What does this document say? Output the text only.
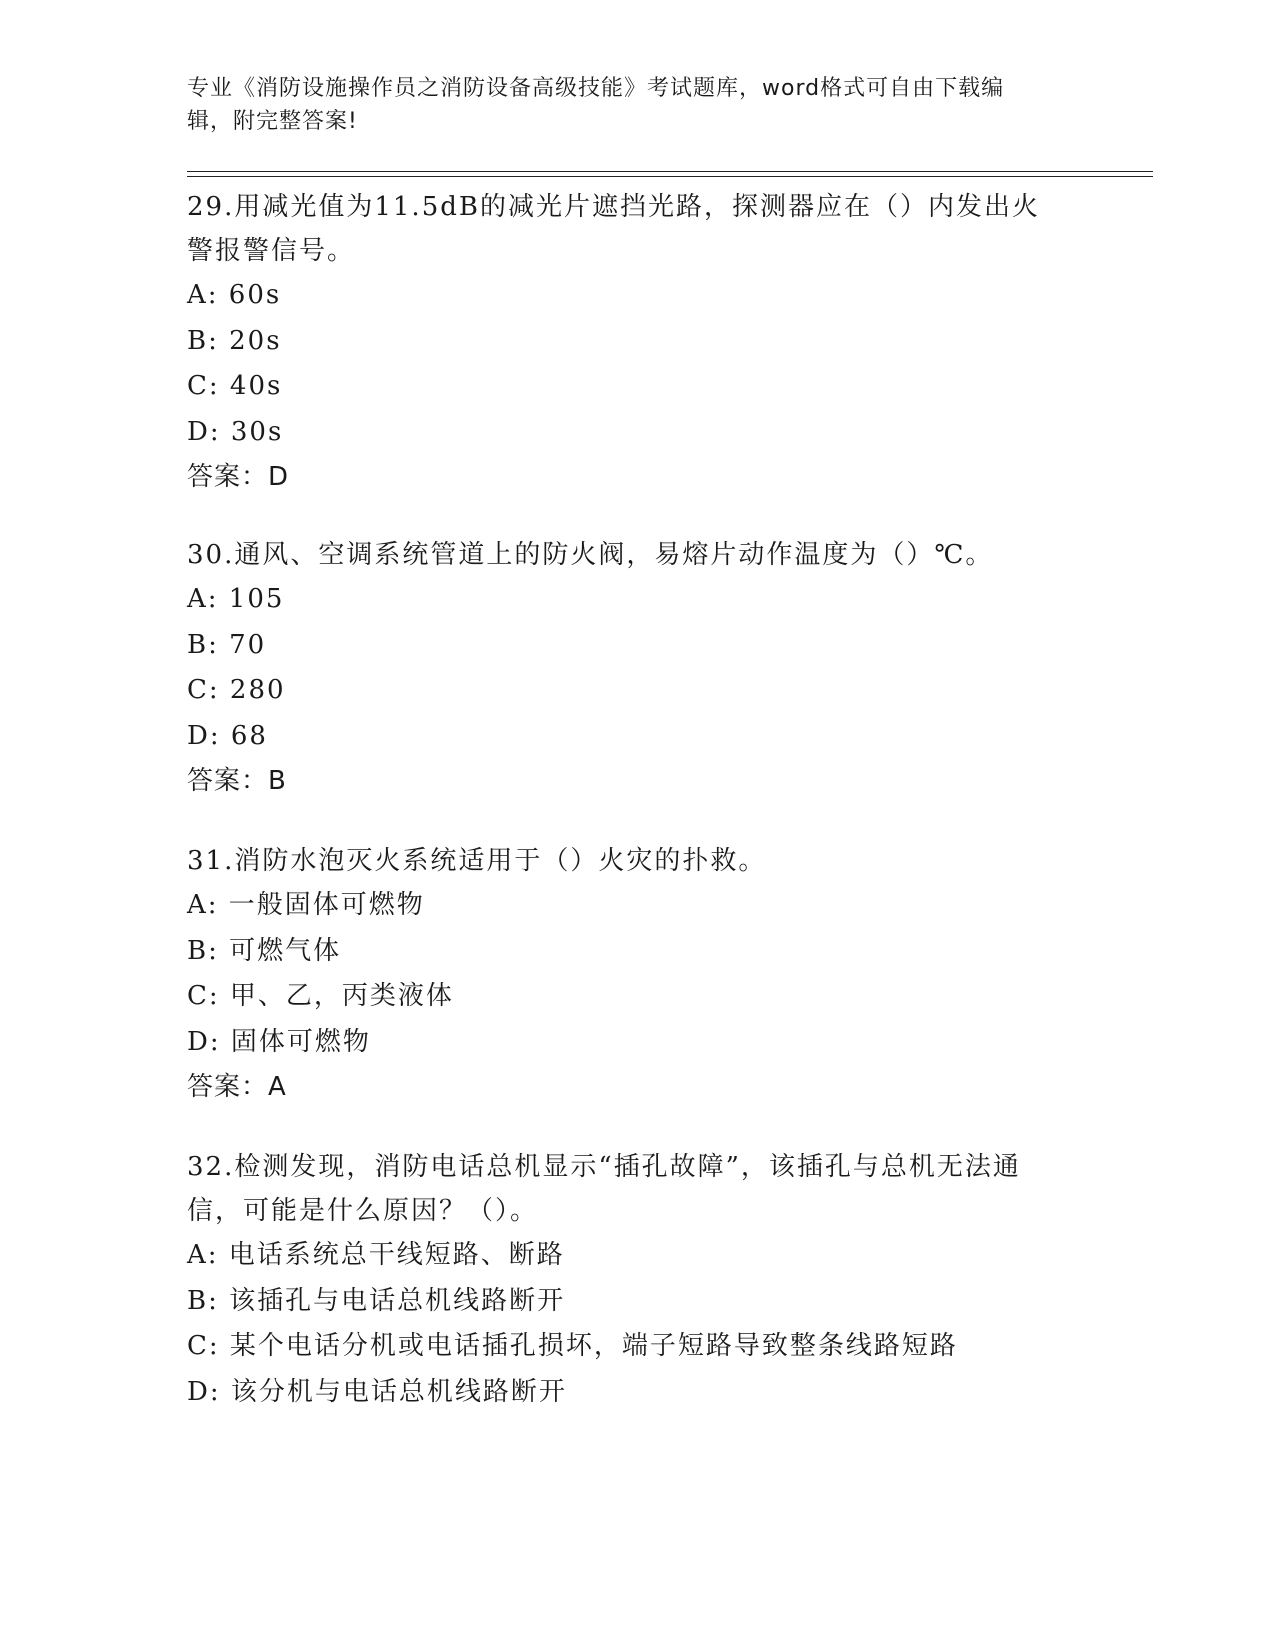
专业《消防设施操作员之消防设备高级技能》考试题库，word格式可自由下载编
辑，附完整答案!
29.用减光值为11.5dB的减光片遮挡光路，探测器应在（）内发出火
警报警信号。
A: 60s
B: 20s
C: 40s
D: 30s
答案：D
30.通风、空调系统管道上的防火阀，易熔片动作温度为（）℃。
A: 105
B: 70
C: 280
D: 68
答案：B
31.消防水泡灭火系统适用于（）火灾的扑救。
A: 一般固体可燃物
B: 可燃气体
C: 甲、乙，丙类液体
D: 固体可燃物
答案：A
32.检测发现，消防电话总机显示“插孔故障”，该插孔与总机无法通
信，可能是什么原因？（）。
A: 电话系统总干线短路、断路
B: 该插孔与电话总机线路断开
C: 某个电话分机或电话插孔损坏，端子短路导致整条线路短路
D: 该分机与电话总机线路断开
